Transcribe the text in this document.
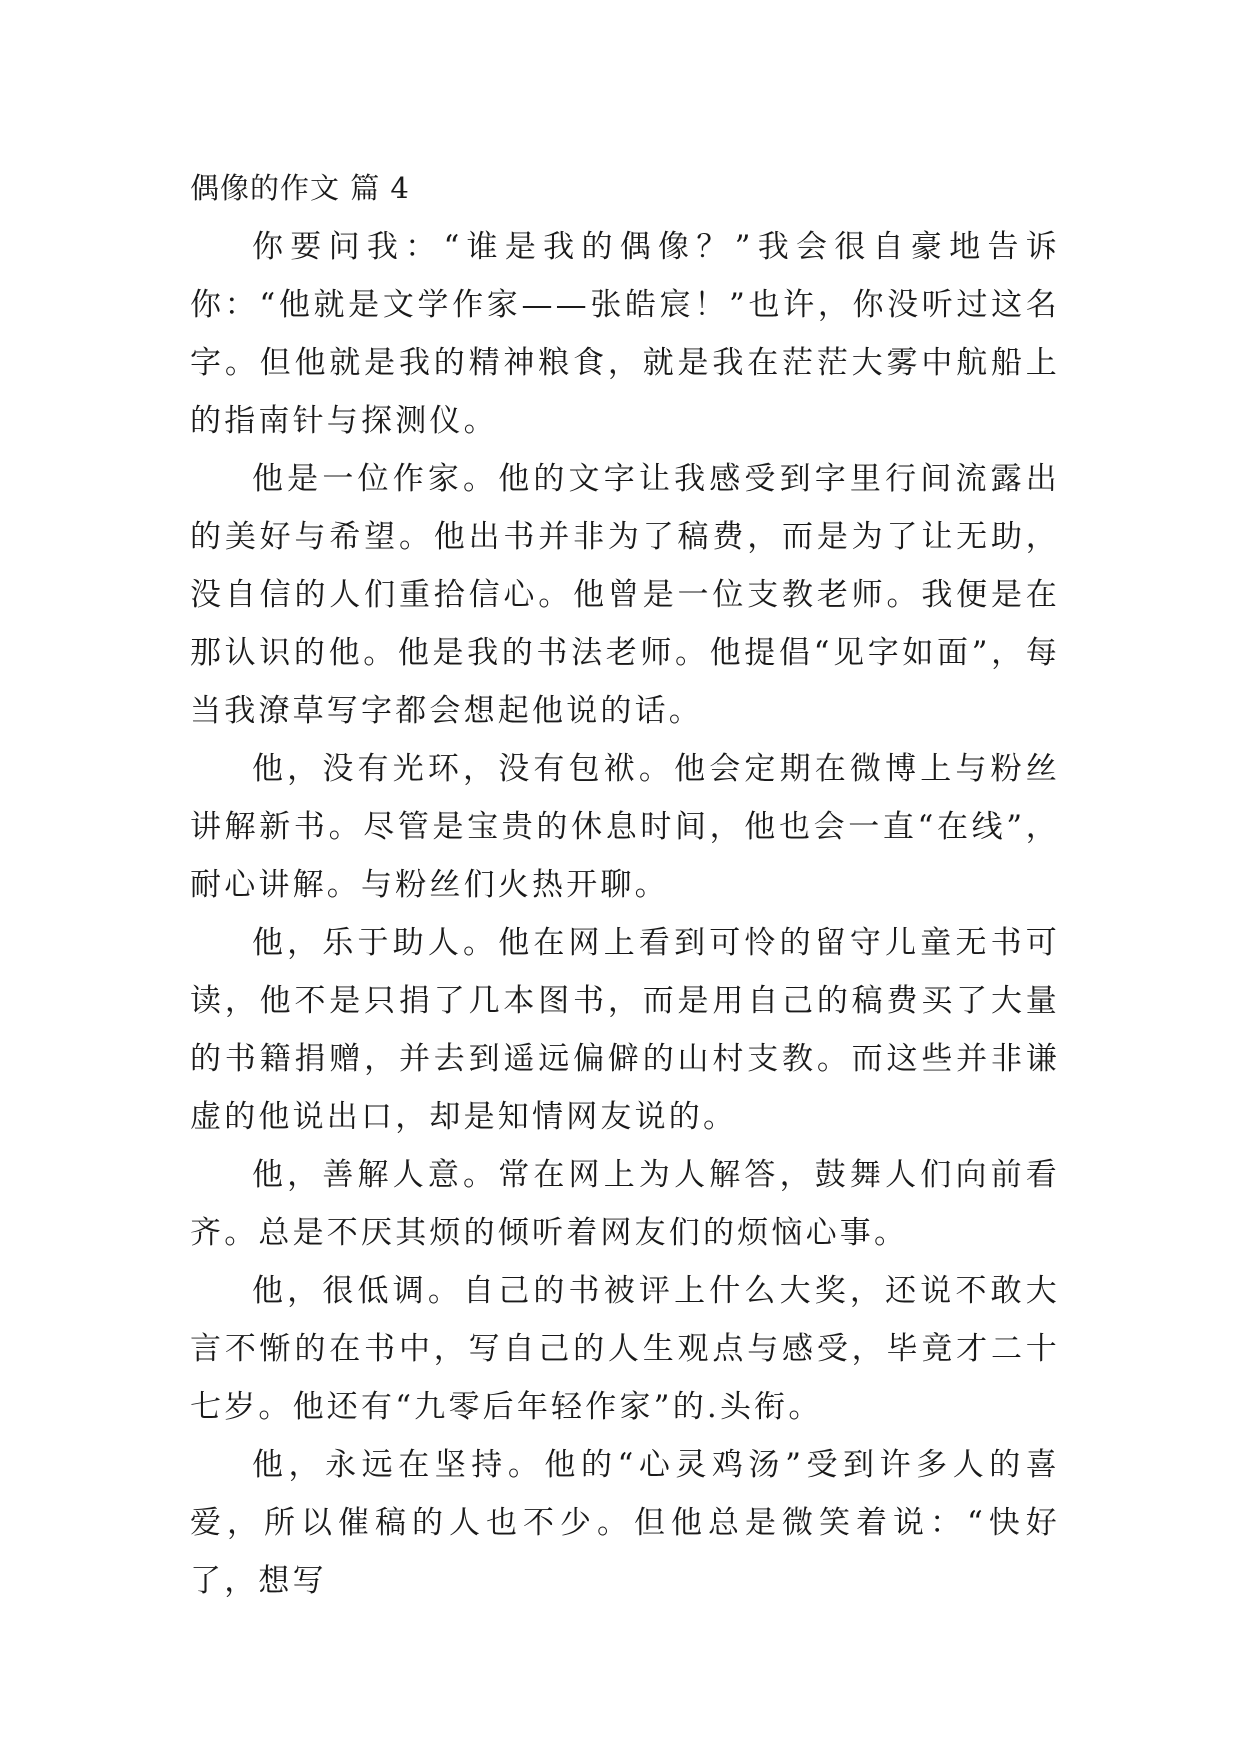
偶像的作文 篇 4

你要问我：“谁是我的偶像？”我会很自豪地告诉你：“他就是文学作家——张皓宸！”也许，你没听过这名字。但他就是我的精神粮食，就是我在茫茫大雾中航船上的指南针与探测仪。

他是一位作家。他的文字让我感受到字里行间流露出的美好与希望。他出书并非为了稿费，而是为了让无助，没自信的人们重拾信心。他曾是一位支教老师。我便是在那认识的他。他是我的书法老师。他提倡“见字如面”，每当我潦草写字都会想起他说的话。

他，没有光环，没有包袱。他会定期在微博上与粉丝讲解新书。尽管是宝贵的休息时间，他也会一直“在线”，耐心讲解。与粉丝们火热开聊。

他，乐于助人。他在网上看到可怜的留守儿童无书可读，他不是只捐了几本图书，而是用自己的稿费买了大量的书籍捐赠，并去到遥远偏僻的山村支教。而这些并非谦虚的他说出口，却是知情网友说的。

他，善解人意。常在网上为人解答，鼓舞人们向前看齐。总是不厌其烦的倾听着网友们的烦恼心事。

他，很低调。自己的书被评上什么大奖，还说不敢大言不惭的在书中，写自己的人生观点与感受，毕竟才二十七岁。他还有“九零后年轻作家”的.头衔。

他，永远在坚持。他的“心灵鸡汤”受到许多人的喜爱，所以催稿的人也不少。但他总是微笑着说：“快好了，想写
